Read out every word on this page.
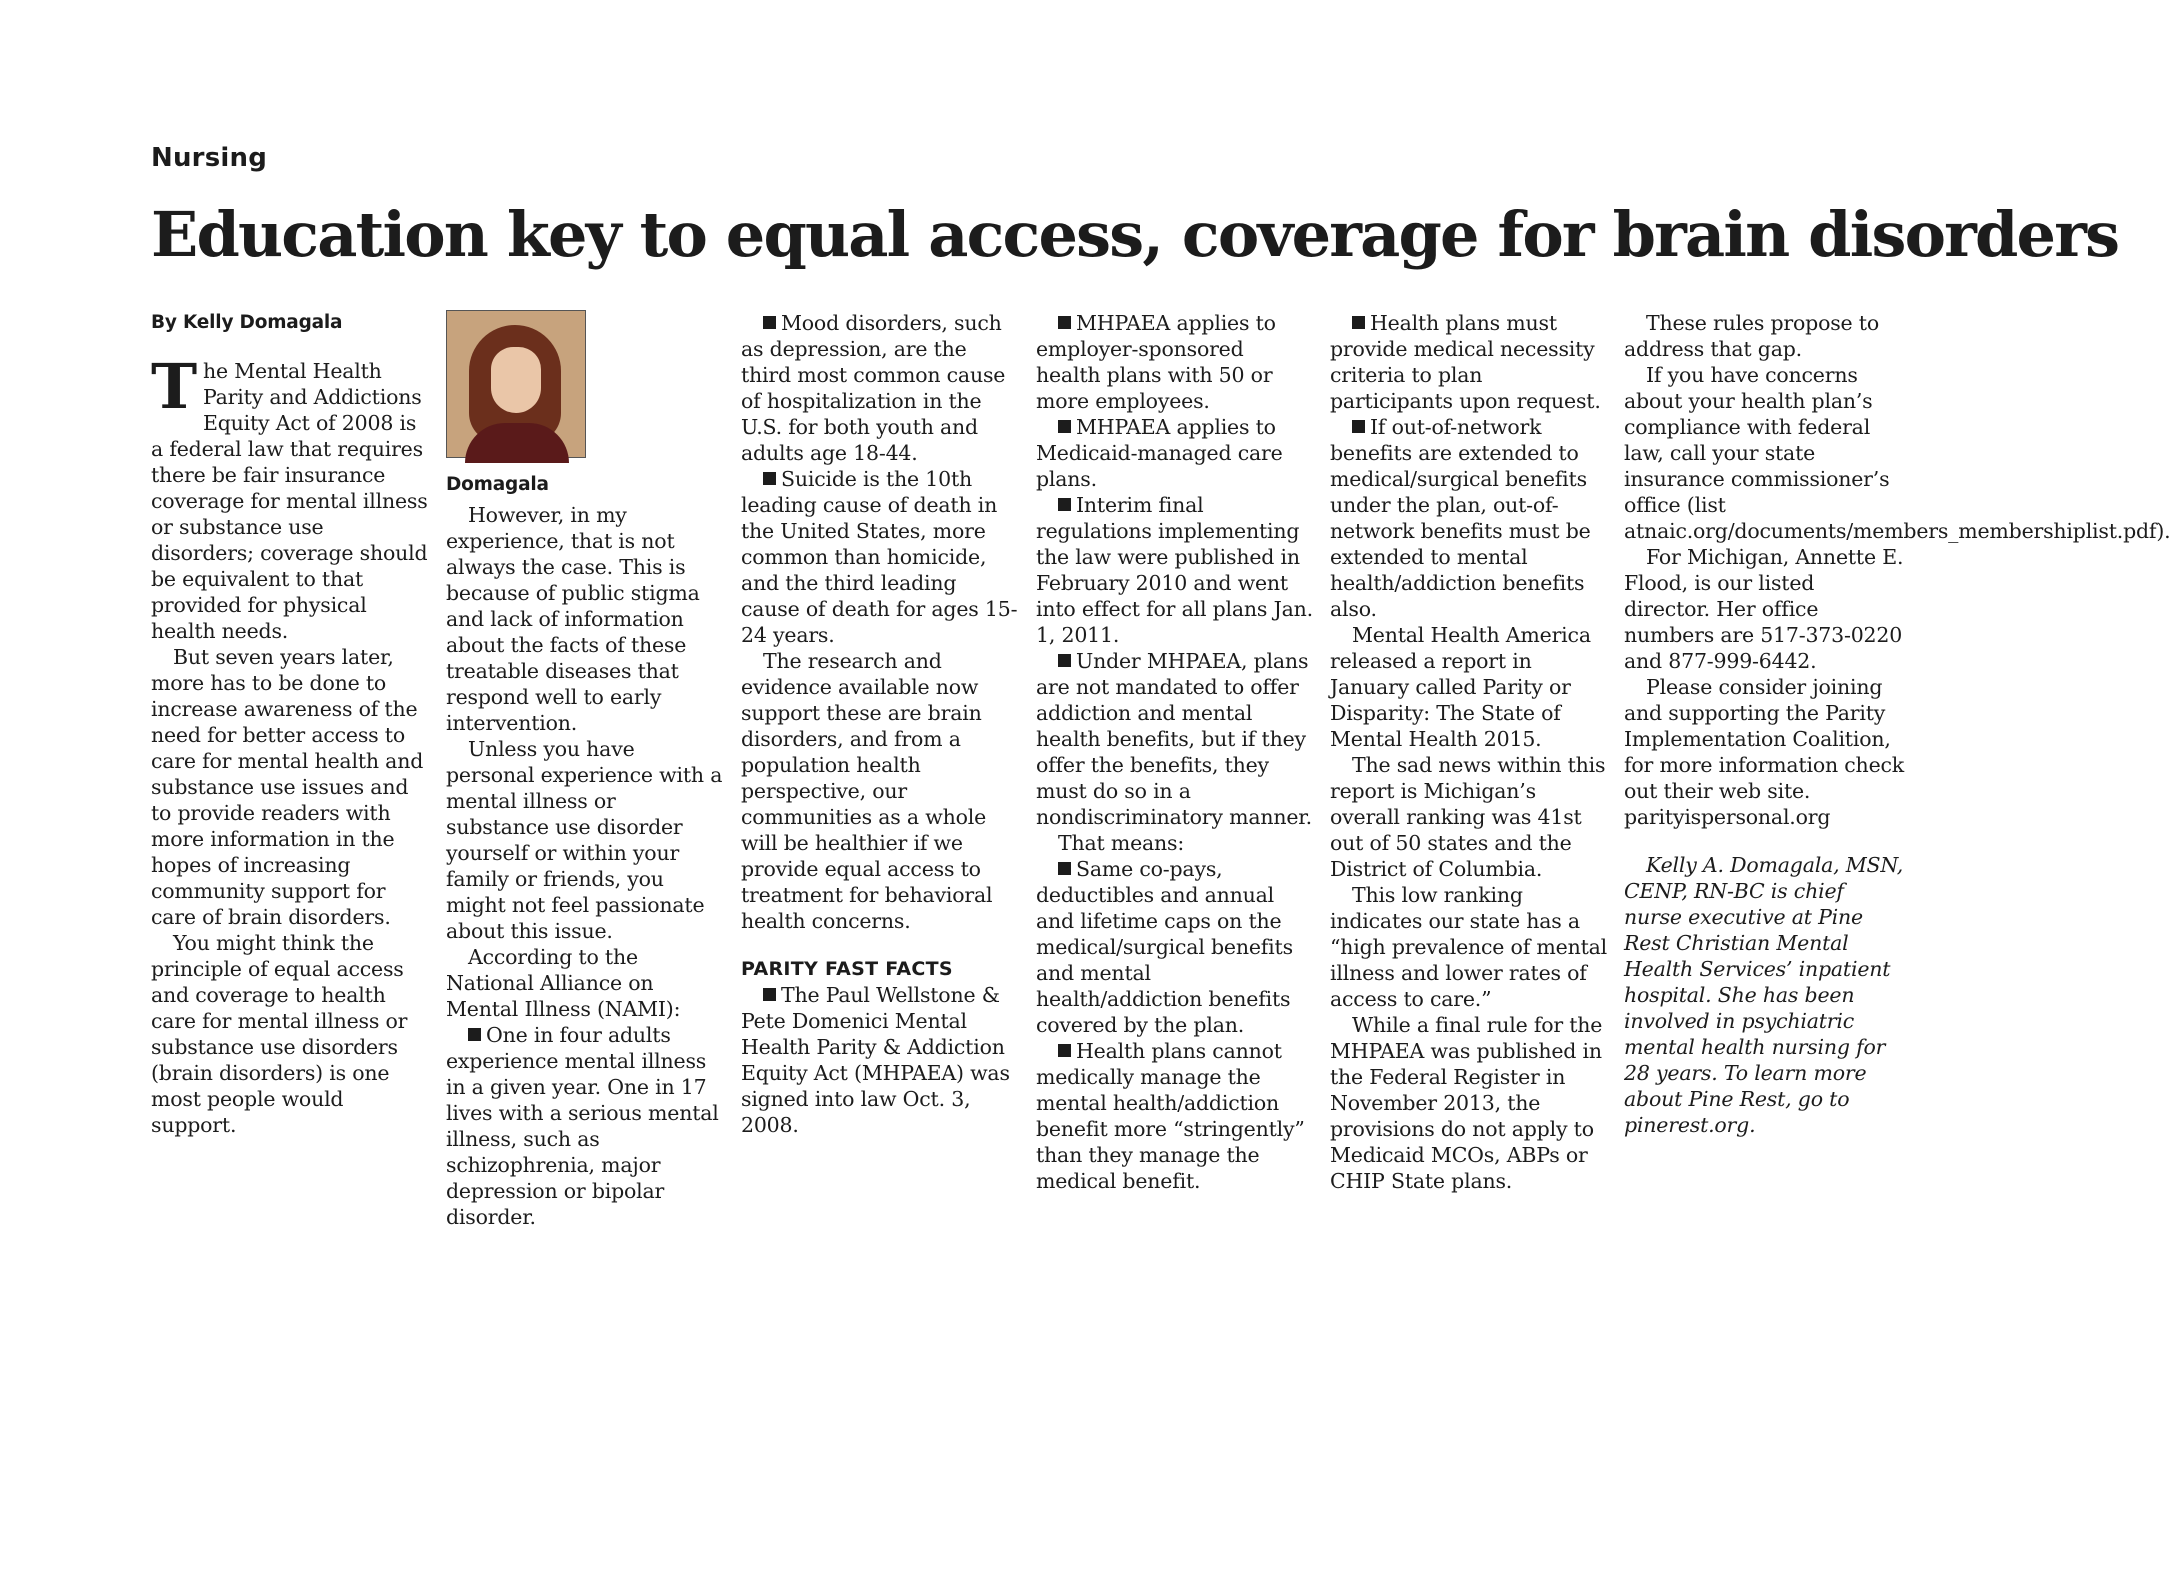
Nursing
Education key to equal access, coverage for brain disorders

By Kelly Domagala

The Mental Health Parity and Addictions Equity Act of 2008 is a federal law that requires there be fair insurance coverage for mental illness or substance use disorders; coverage should be equivalent to that provided for physical health needs.

But seven years later, more has to be done to increase awareness of the need for better access to care for mental health and substance use issues and to provide readers with more information in the hopes of increasing community support for care of brain disorders.

You might think the principle of equal access and coverage to health care for mental illness or substance use disorders (brain disorders) is one most people would support.

Domagala

However, in my experience, that is not always the case. This is because of public stigma and lack of information about the facts of these treatable diseases that respond well to early intervention.

Unless you have personal experience with a mental illness or substance use disorder yourself or within your family or friends, you might not feel passionate about this issue.

According to the National Alliance on Mental Illness (NAMI):

One in four adults experience mental illness in a given year. One in 17 lives with a serious mental illness, such as schizophrenia, major depression or bipolar disorder.

Mood disorders, such as depression, are the third most common cause of hospitalization in the U.S. for both youth and adults age 18-44.

Suicide is the 10th leading cause of death in the United States, more common than homicide, and the third leading cause of death for ages 15-24 years.

The research and evidence available now support these are brain disorders, and from a population health perspective, our communities as a whole will be healthier if we provide equal access to treatment for behavioral health concerns.

PARITY FAST FACTS

The Paul Wellstone & Pete Domenici Mental Health Parity & Addiction Equity Act (MHPAEA) was signed into law Oct. 3, 2008.

MHPAEA applies to employer-sponsored health plans with 50 or more employees.

MHPAEA applies to Medicaid-managed care plans.

Interim final regulations implementing the law were published in February 2010 and went into effect for all plans Jan. 1, 2011.

Under MHPAEA, plans are not mandated to offer addiction and mental health benefits, but if they offer the benefits, they must do so in a nondiscriminatory manner.

That means:

Same co-pays, deductibles and annual and lifetime caps on the medical/surgical benefits and mental health/addiction benefits covered by the plan.

Health plans cannot medically manage the mental health/addiction benefit more “stringently” than they manage the medical benefit.

Health plans must provide medical necessity criteria to plan participants upon request.

If out-of-network benefits are extended to medical/surgical benefits under the plan, out-of-network benefits must be extended to mental health/addiction benefits also.

Mental Health America released a report in January called Parity or Disparity: The State of Mental Health 2015.

The sad news within this report is Michigan’s overall ranking was 41st out of 50 states and the District of Columbia.

This low ranking indicates our state has a “high prevalence of mental illness and lower rates of access to care.”

While a final rule for the MHPAEA was published in the Federal Register in November 2013, the provisions do not apply to Medicaid MCOs, ABPs or CHIP State plans.

These rules propose to address that gap.

If you have concerns about your health plan’s compliance with federal law, call your state insurance commissioner’s office (list atnaic.org/documents/members_membershiplist.pdf).

For Michigan, Annette E. Flood, is our listed director. Her office numbers are 517-373-0220 and 877-999-6442.

Please consider joining and supporting the Parity Implementation Coalition, for more information check out their web site. parityispersonal.org

Kelly A. Domagala, MSN, CENP, RN-BC is chief nurse executive at Pine Rest Christian Mental Health Services’ inpatient hospital. She has been involved in psychiatric mental health nursing for 28 years. To learn more about Pine Rest, go to pinerest.org.
